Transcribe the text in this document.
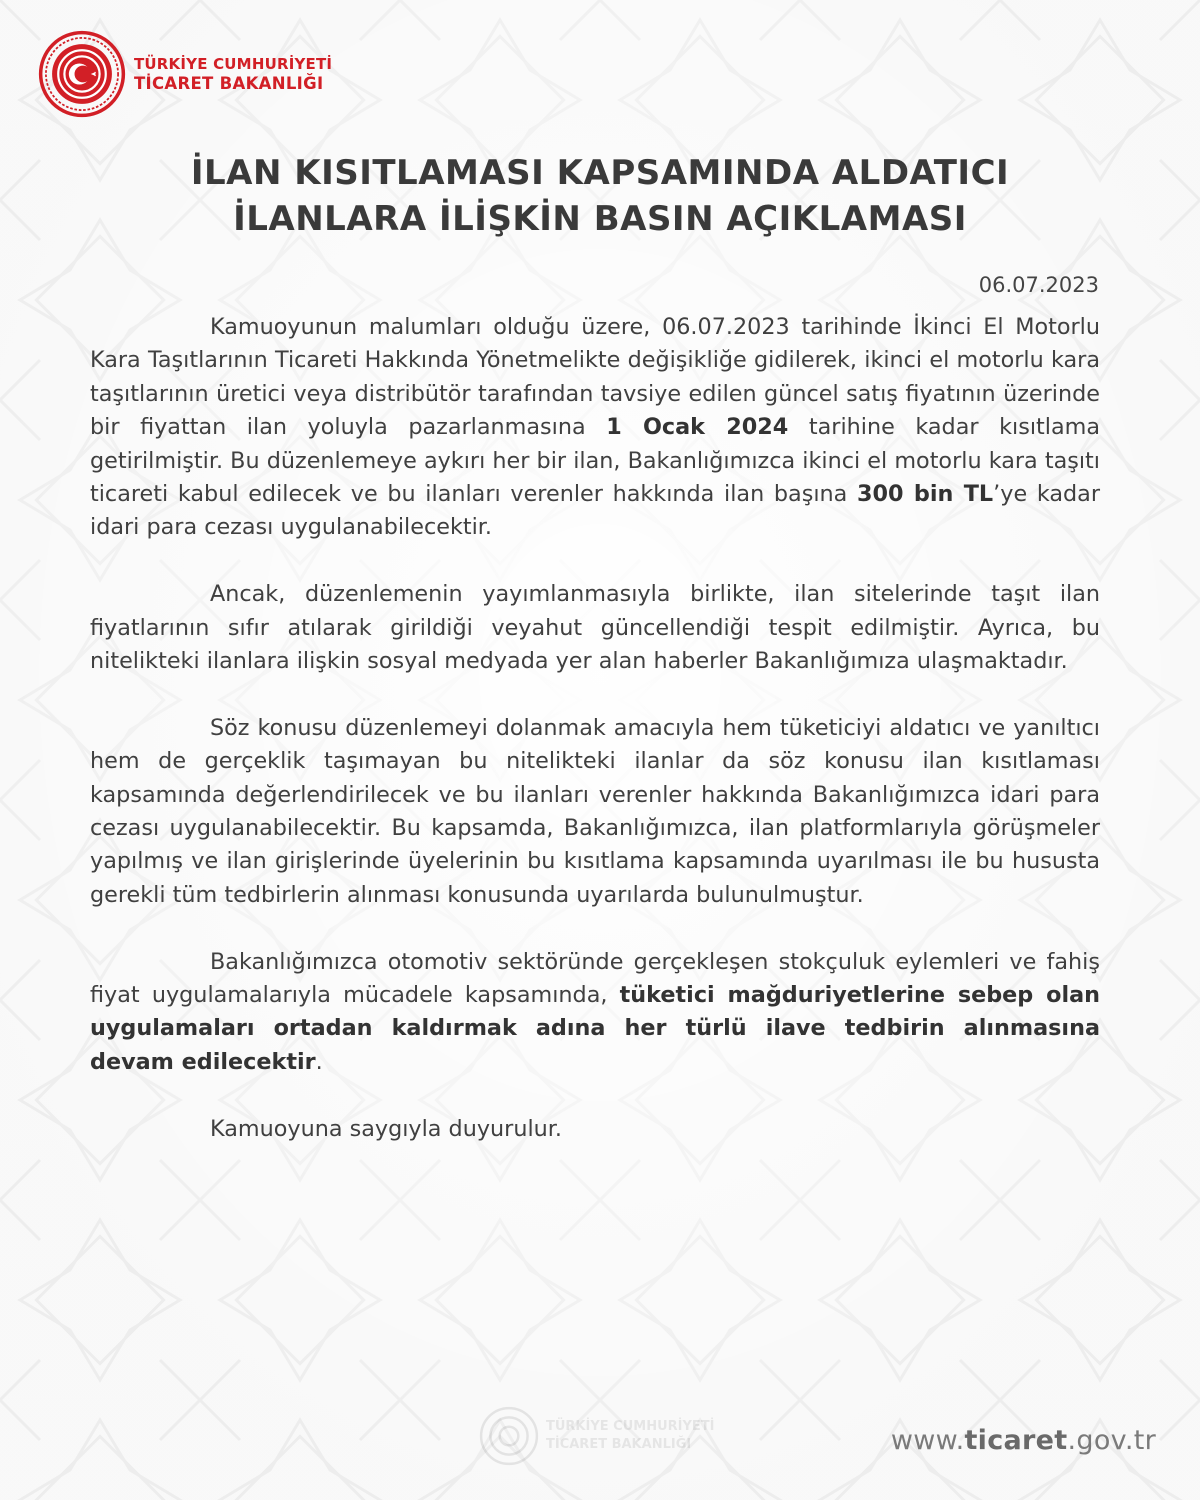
TÜRKİYE CUMHURİYETİ
TİCARET BAKANLIĞI
İLAN KISITLAMASI KAPSAMINDA ALDATICI
İLANLARA İLİŞKİN BASIN AÇIKLAMASI
06.07.2023

Kamuoyunun malumları olduğu üzere, 06.07.2023 tarihinde İkinci El Motorlu Kara Taşıtlarının Ticareti Hakkında Yönetmelikte değişikliğe gidilerek, ikinci el motorlu kara taşıtlarının üretici veya distribütör tarafından tavsiye edilen güncel satış fiyatının üzerinde bir fiyattan ilan yoluyla pazarlanmasına 1 Ocak 2024 tarihine kadar kısıtlama getirilmiştir. Bu düzenlemeye aykırı her bir ilan, Bakanlığımızca ikinci el motorlu kara taşıtı ticareti kabul edilecek ve bu ilanları verenler hakkında ilan başına 300 bin TL’ye kadar idari para cezası uygulanabilecektir.

Ancak, düzenlemenin yayımlanmasıyla birlikte, ilan sitelerinde taşıt ilan fiyatlarının sıfır atılarak girildiği veyahut güncellendiği tespit edilmiştir. Ayrıca, bu nitelikteki ilanlara ilişkin sosyal medyada yer alan haberler Bakanlığımıza ulaşmaktadır.

Söz konusu düzenlemeyi dolanmak amacıyla hem tüketiciyi aldatıcı ve yanıltıcı hem de gerçeklik taşımayan bu nitelikteki ilanlar da söz konusu ilan kısıtlaması kapsamında değerlendirilecek ve bu ilanları verenler hakkında Bakanlığımızca idari para cezası uygulanabilecektir. Bu kapsamda, Bakanlığımızca, ilan platformlarıyla görüşmeler yapılmış ve ilan girişlerinde üyelerinin bu kısıtlama kapsamında uyarılması ile bu hususta gerekli tüm tedbirlerin alınması konusunda uyarılarda bulunulmuştur.

Bakanlığımızca otomotiv sektöründe gerçekleşen stokçuluk eylemleri ve fahiş fiyat uygulamalarıyla mücadele kapsamında, tüketici mağduriyetlerine sebep olan uygulamaları ortadan kaldırmak adına her türlü ilave tedbirin alınmasına devam edilecektir.

Kamuoyuna saygıyla duyurulur.

TÜRKİYE CUMHURİYETİ
TİCARET BAKANLIĞI	www.ticaret.gov.tr
